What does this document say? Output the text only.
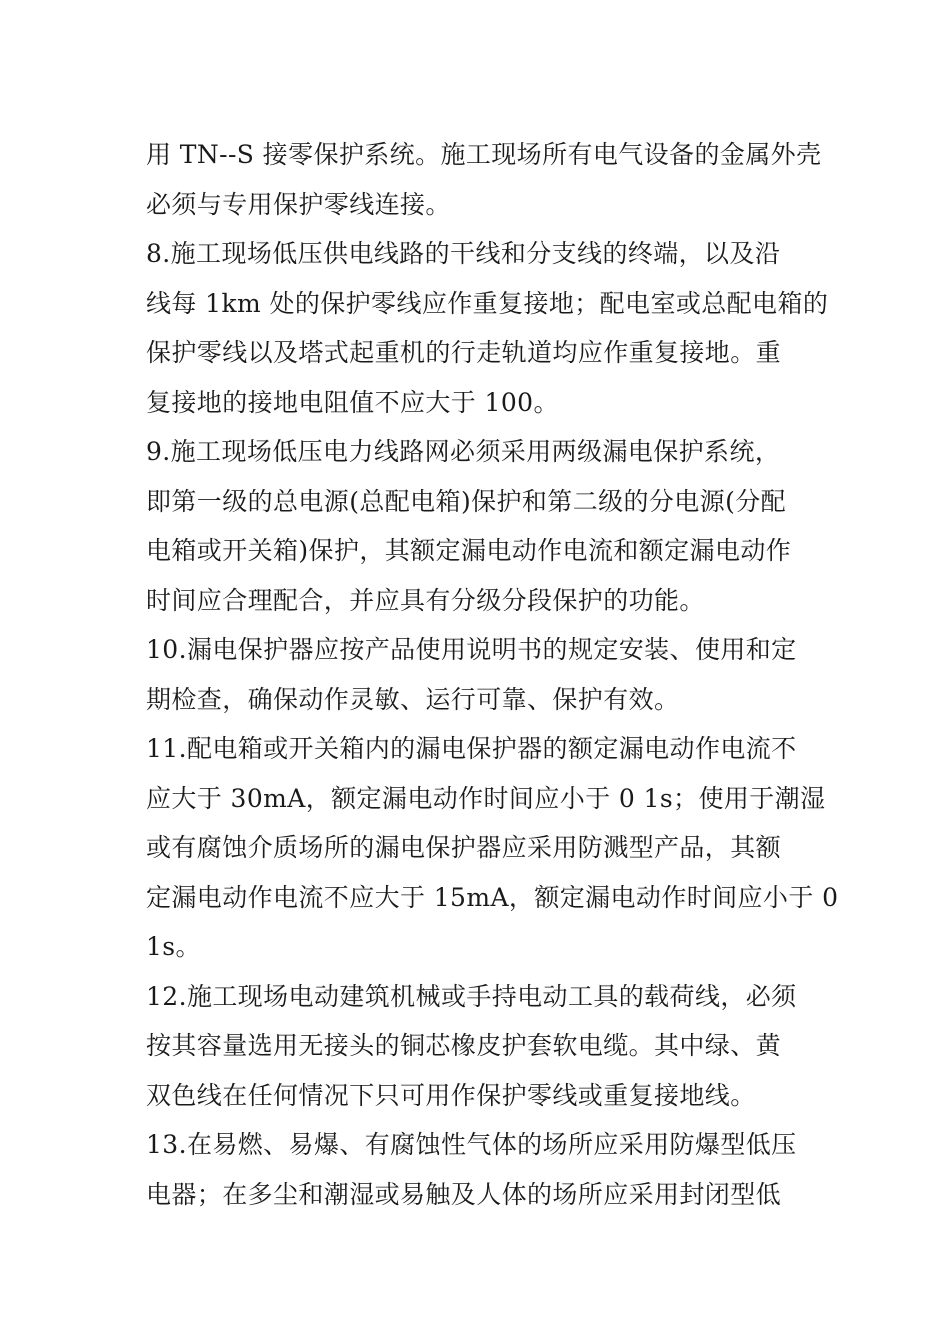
用 TN--S 接零保护系统。施工现场所有电气设备的金属外壳
必须与专用保护零线连接。
8.施工现场低压供电线路的干线和分支线的终端，以及沿
线每 1km 处的保护零线应作重复接地；配电室或总配电箱的
保护零线以及塔式起重机的行走轨道均应作重复接地。重
复接地的接地电阻值不应大于 100。
9.施工现场低压电力线路网必须采用两级漏电保护系统，
即第一级的总电源(总配电箱)保护和第二级的分电源(分配
电箱或开关箱)保护，其额定漏电动作电流和额定漏电动作
时间应合理配合，并应具有分级分段保护的功能。
10.漏电保护器应按产品使用说明书的规定安装、使用和定
期检查，确保动作灵敏、运行可靠、保护有效。
11.配电箱或开关箱内的漏电保护器的额定漏电动作电流不
应大于 30mA，额定漏电动作时间应小于 0 1s；使用于潮湿
或有腐蚀介质场所的漏电保护器应采用防溅型产品，其额
定漏电动作电流不应大于 15mA，额定漏电动作时间应小于 0
1s。
12.施工现场电动建筑机械或手持电动工具的载荷线，必须
按其容量选用无接头的铜芯橡皮护套软电缆。其中绿、黄
双色线在任何情况下只可用作保护零线或重复接地线。
13.在易燃、易爆、有腐蚀性气体的场所应采用防爆型低压
电器；在多尘和潮湿或易触及人体的场所应采用封闭型低
